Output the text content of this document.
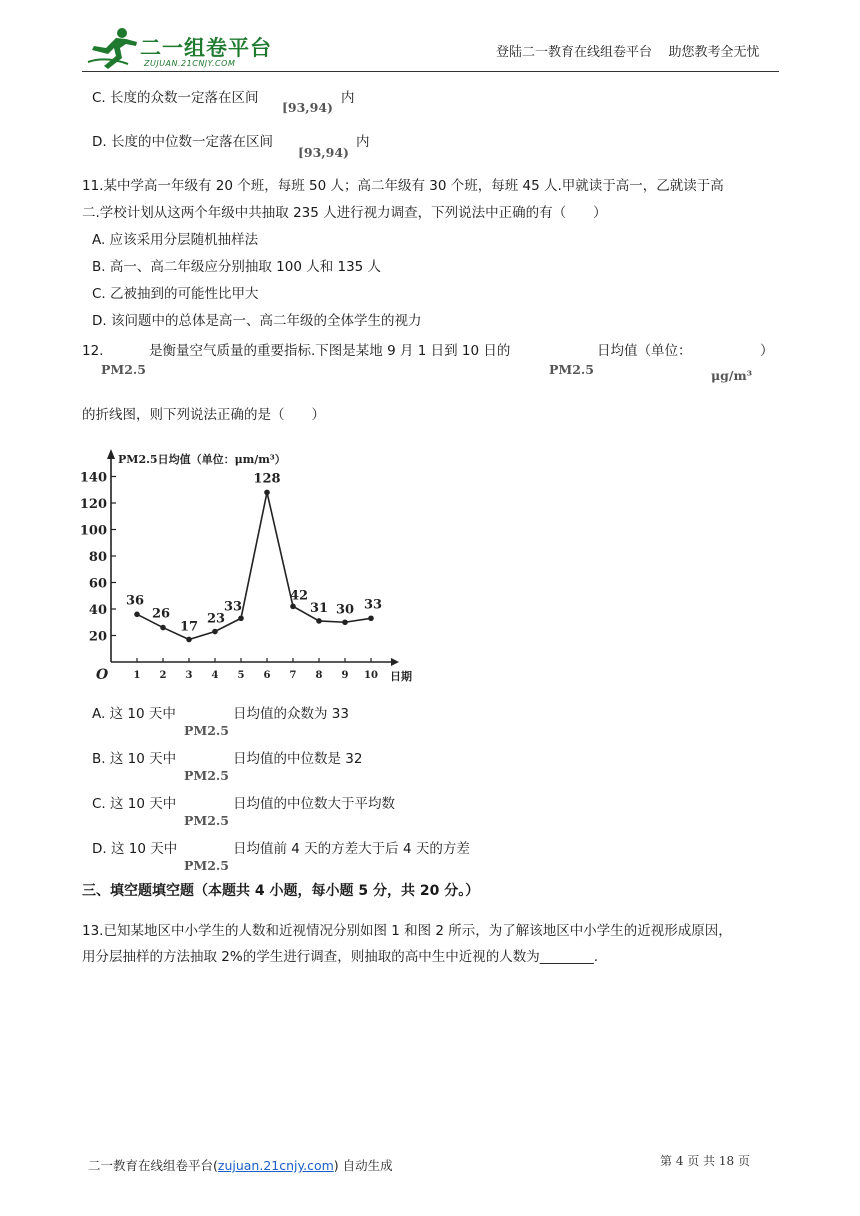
二一组卷平台
ZUJUAN.21CNJY.COM
登陆二一教育在线组卷平台    助您教考全无忧
C. 长度的众数一定落在区间
[93,94)
内
D. 长度的中位数一定落在区间
[93,94)
内
11.某中学高一年级有 20 个班，每班 50 人；高二年级有 30 个班，每班 45 人.甲就读于高一，乙就读于高
二.学校计划从这两个年级中共抽取 235 人进行视力调查，下列说法中正确的有（　　）
A. 应该采用分层随机抽样法
B. 高一、高二年级应分别抽取 100 人和 135 人
C. 乙被抽到的可能性比甲大
D. 该问题中的总体是高一、高二年级的全体学生的视力
12.
PM2.5
是衡量空气质量的重要指标.下图是某地 9 月 1 日到 10 日的
PM2.5
日均值（单位：	）
μg/m³
的折线图，则下列说法正确的是（　　）
20
40
60
80
100
120
140
1 2 3 4 5 6 7 8 9 10
PM2.5日均值（单位：μm/m³）
日期
O
36
26
17
23
33
128
42
31 30 33
A. 这 10 天中
PM2.5
日均值的众数为 33
B. 这 10 天中
PM2.5
日均值的中位数是 32
C. 这 10 天中
PM2.5
日均值的中位数大于平均数
D. 这 10 天中
PM2.5
日均值前 4 天的方差大于后 4 天的方差
三、填空题填空题（本题共 4 小题，每小题 5 分，共 20 分。）
13.已知某地区中小学生的人数和近视情况分别如图 1 和图 2 所示，为了解该地区中小学生的近视形成原因，
用分层抽样的方法抽取 2%的学生进行调查，则抽取的高中生中近视的人数为________.
二一教育在线组卷平台(zujuan.21cnjy.com) 自动生成	第 4 页 共 18 页
